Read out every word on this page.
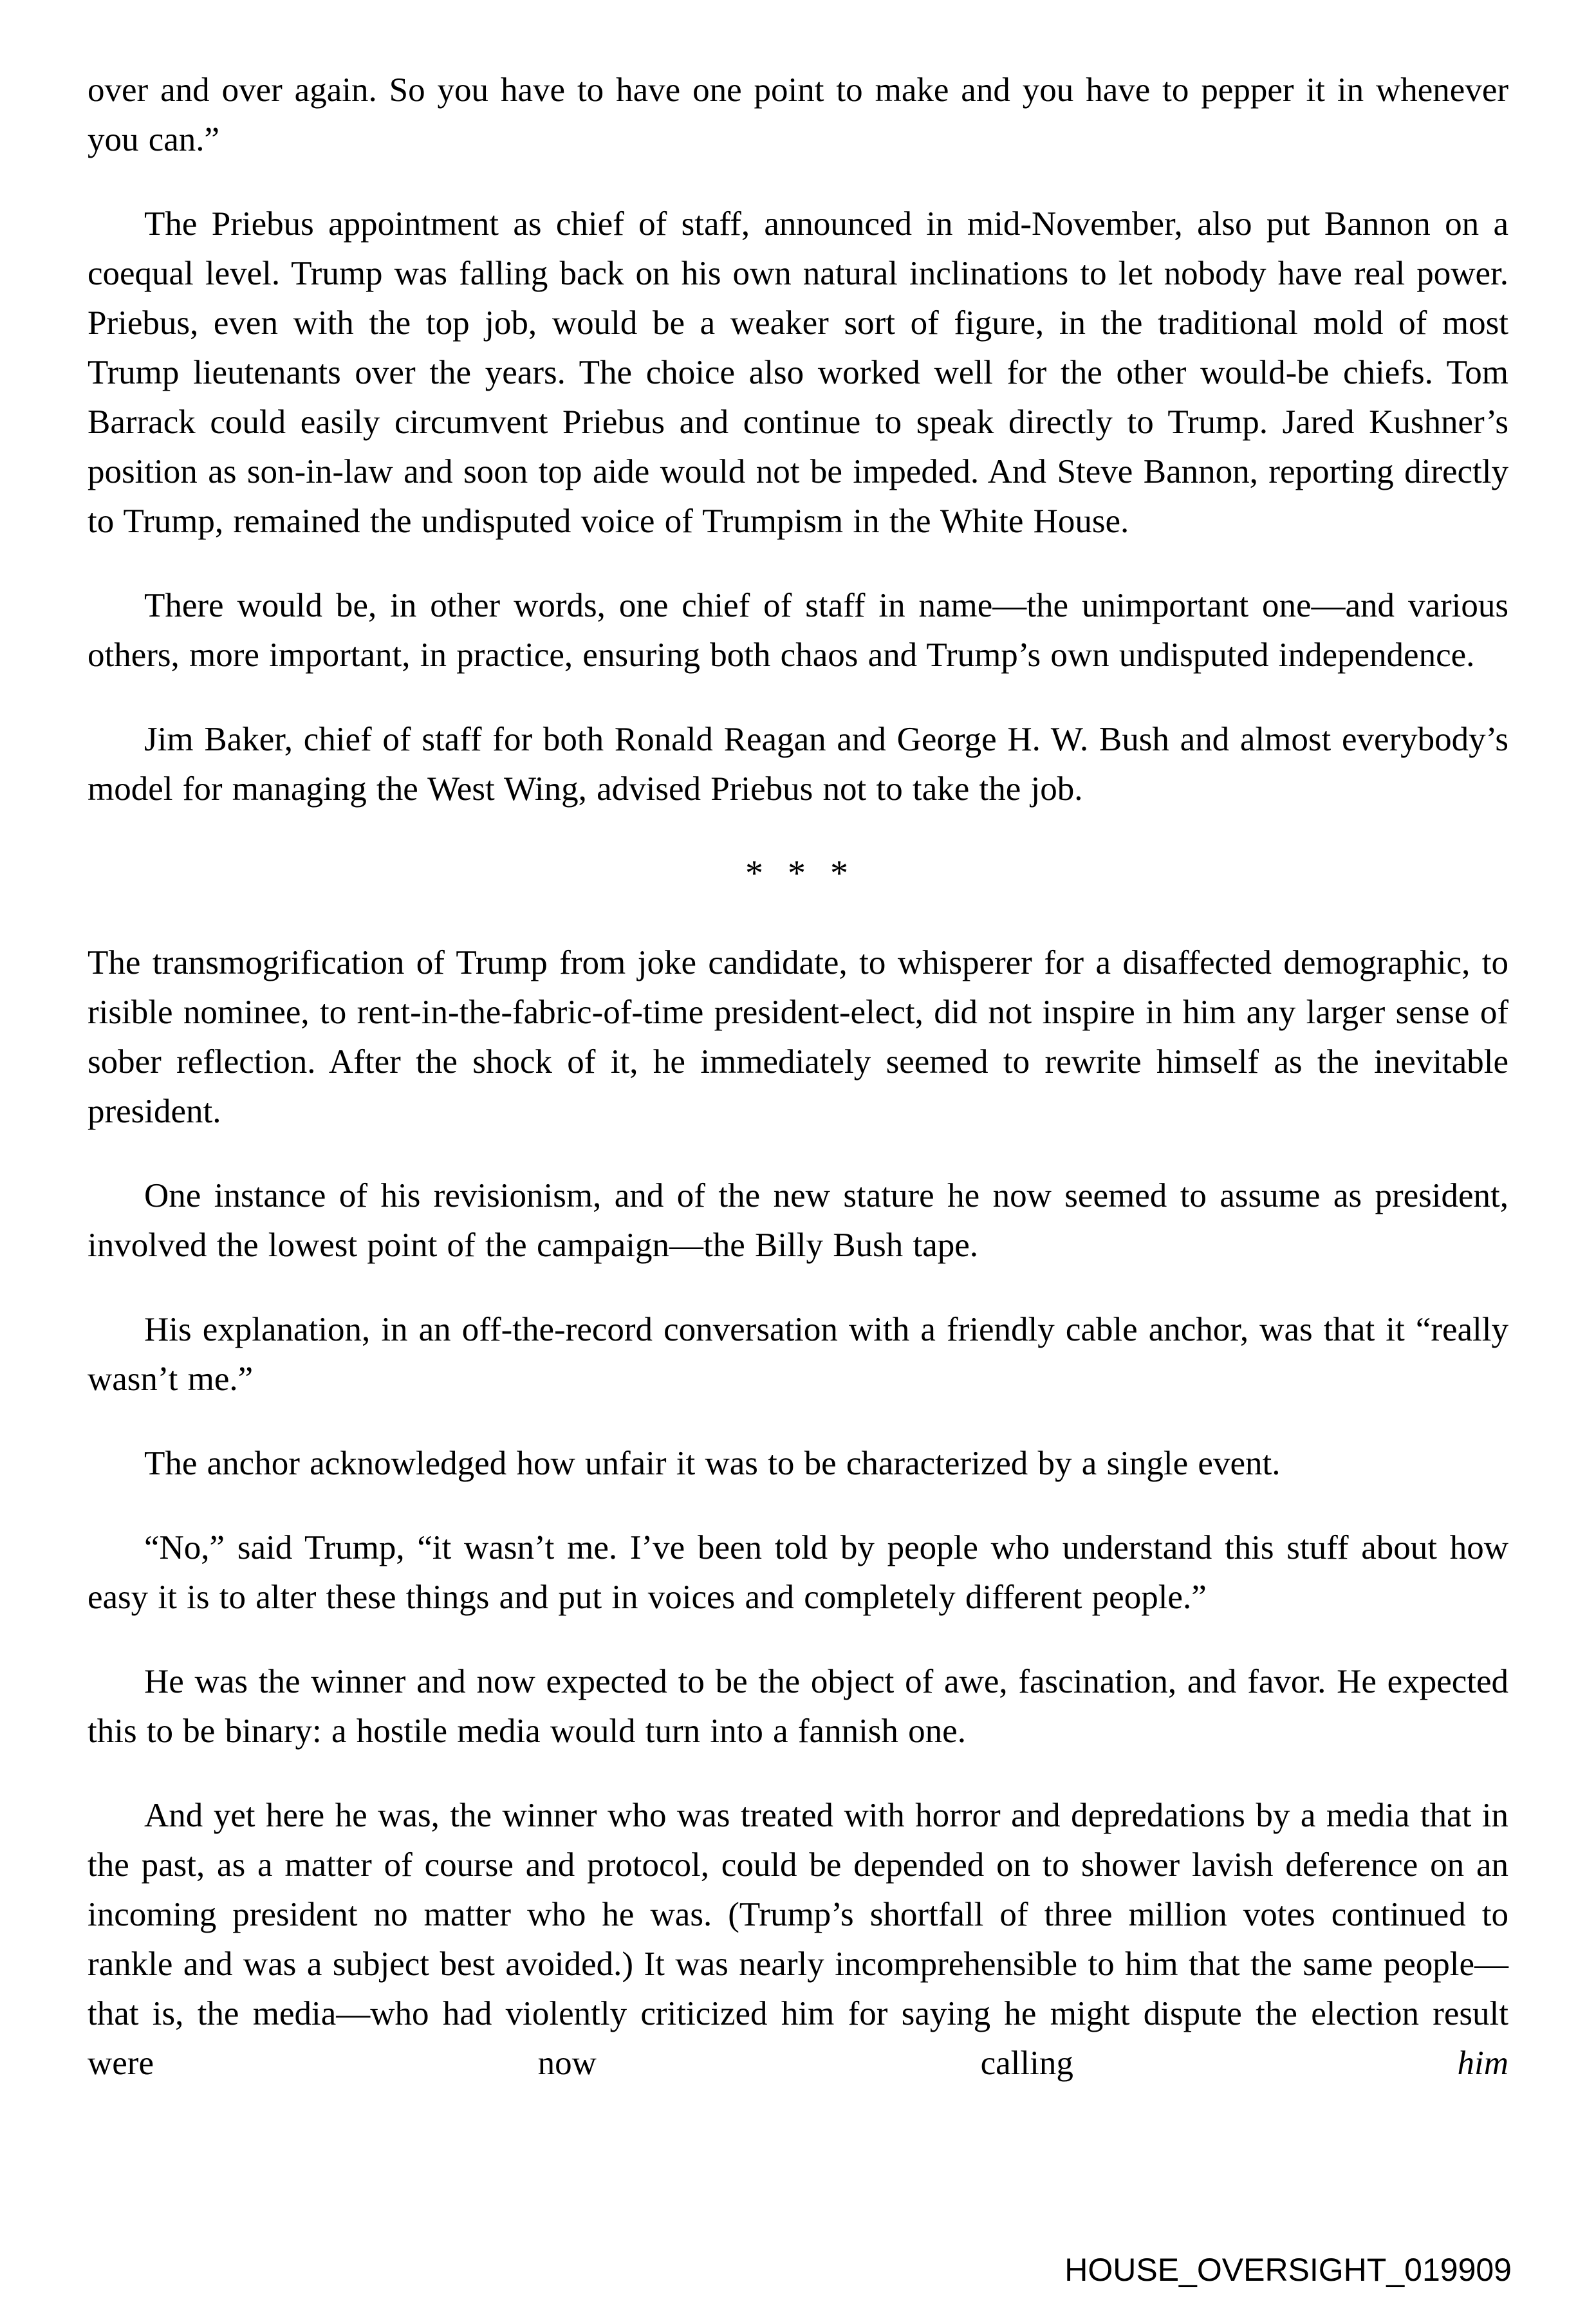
over and over again. So you have to have one point to make and you have to pepper it in whenever you can.”

The Priebus appointment as chief of staff, announced in mid-November, also put Bannon on a coequal level. Trump was falling back on his own natural inclinations to let nobody have real power. Priebus, even with the top job, would be a weaker sort of figure, in the traditional mold of most Trump lieutenants over the years. The choice also worked well for the other would-be chiefs. Tom Barrack could easily circumvent Priebus and continue to speak directly to Trump. Jared Kushner’s position as son-in-law and soon top aide would not be impeded. And Steve Bannon, reporting directly to Trump, remained the undisputed voice of Trumpism in the White House.

There would be, in other words, one chief of staff in name—the unimportant one—and various others, more important, in practice, ensuring both chaos and Trump’s own undisputed independence.

Jim Baker, chief of staff for both Ronald Reagan and George H. W. Bush and almost everybody’s model for managing the West Wing, advised Priebus not to take the job.

* * *

The transmogrification of Trump from joke candidate, to whisperer for a disaffected demographic, to risible nominee, to rent-in-the-fabric-of-time president-elect, did not inspire in him any larger sense of sober reflection. After the shock of it, he immediately seemed to rewrite himself as the inevitable president.

One instance of his revisionism, and of the new stature he now seemed to assume as president, involved the lowest point of the campaign—the Billy Bush tape.

His explanation, in an off-the-record conversation with a friendly cable anchor, was that it “really wasn’t me.”

The anchor acknowledged how unfair it was to be characterized by a single event.

“No,” said Trump, “it wasn’t me. I’ve been told by people who understand this stuff about how easy it is to alter these things and put in voices and completely different people.”

He was the winner and now expected to be the object of awe, fascination, and favor. He expected this to be binary: a hostile media would turn into a fannish one.

And yet here he was, the winner who was treated with horror and depredations by a media that in the past, as a matter of course and protocol, could be depended on to shower lavish deference on an incoming president no matter who he was. (Trump’s shortfall of three million votes continued to rankle and was a subject best avoided.) It was nearly incomprehensible to him that the same people—that is, the media—who had violently criticized him for saying he might dispute the election result were now calling him

HOUSE_OVERSIGHT_019909
